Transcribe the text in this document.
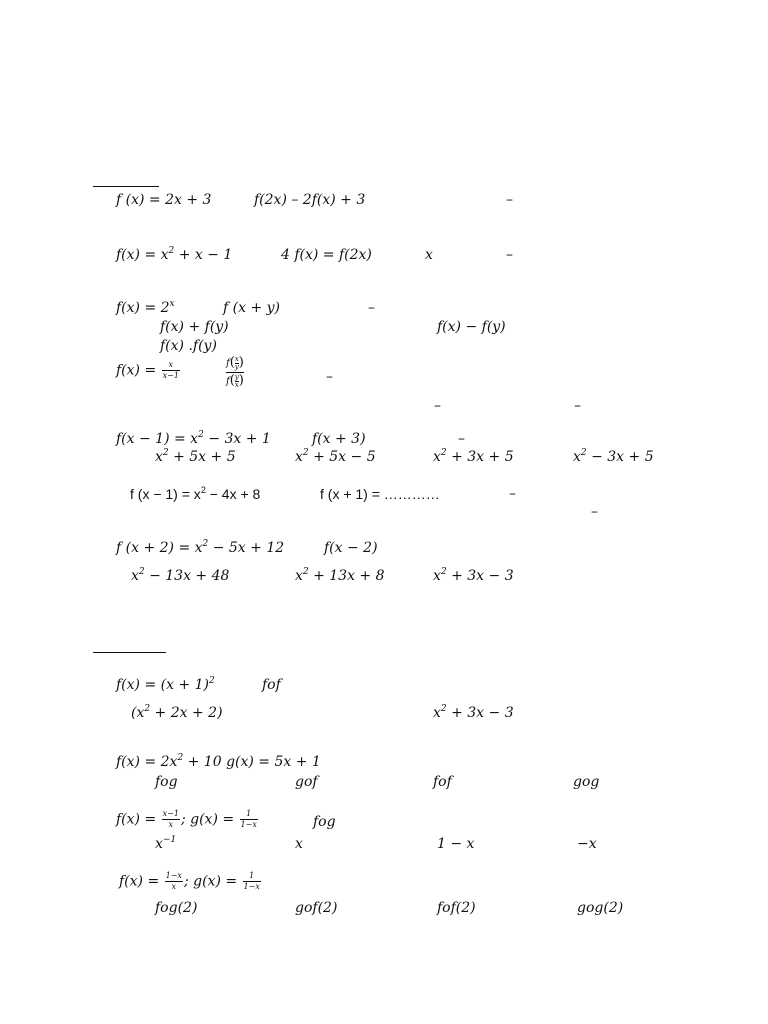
f (x) = 2x + 3	f(2x) – 2f(x) + 3	–
$f(x) = x^2 + x - 1$	4 f(x) = f(2x)	x	–
$f(x) = 2^x$	f (x + y)	–
f(x) + f(y)	f(x) − f(y)
f(x) .f(y)
$f(x) = \frac{x}{x-1}$	$\frac{f( \frac{x}{y} )}{f( \frac{y}{x} )}$	–
–	–
$f(x - 1) = x^2 - 3x + 1$	f(x + 3)	–
$x^2 + 5x + 5$	$x^2 + 5x - 5$	$x^2 + 3x + 5$	$x^2 - 3x + 5$
f $(x - 1) = x^2 - 4x + 8$	f (x + 1) = …………	–
–
f $(x + 2) = x^2 - 5x + 12$	f(x − 2)
$x^2 - 13x + 48$	$x^2 + 13x + 8$	$x^2 + 3x - 3$
$f(x) = (x + 1)^2$	fof
$(x^2 + 2x + 2)$	$x^2 + 3x - 3$
$f(x) = 2x^2 + 10$ g(x) = 5x + 1
fog	gof	fof	gog
$f(x) = \frac{x-1}{x}$ ; $g(x) = \frac{1}{1-x}$	fog
$x^{-1}$	x	1 − x	−x
$f(x) = \frac{1-x}{x}$ ; $g(x) = \frac{1}{1-x}$
fog(2)	gof(2)	fof(2)	gog(2)
